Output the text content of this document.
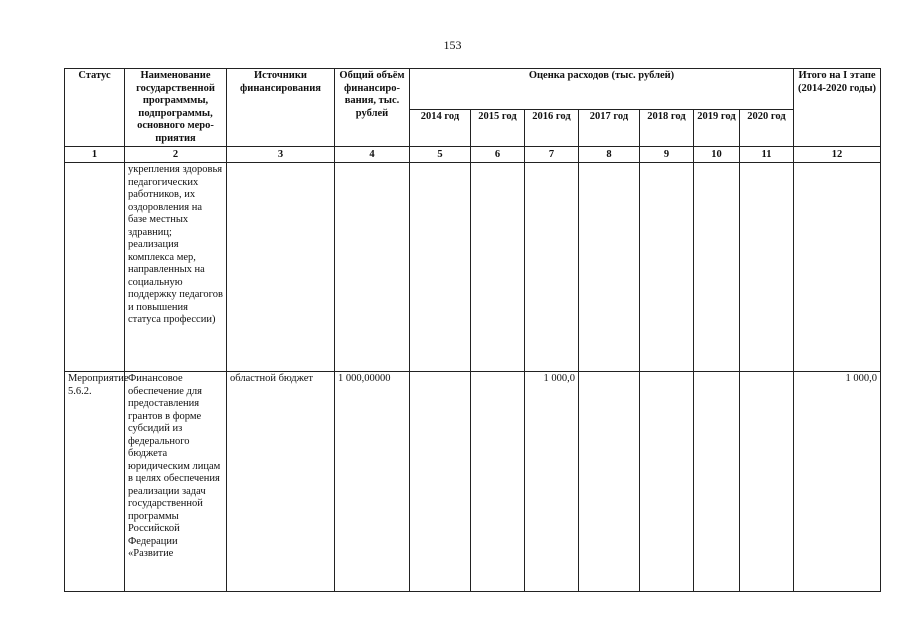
153
Статус	Наименование государственной программмы, подпрограммы, основного меро-приятия	Источники финансирования	Общий объём финансиро-вания, тыс. рублей	Оценка расходов (тыс. рублей)							Итого на I этапе (2014-2020 годы)
				2014 год	2015 год	2016 год	2017 год	2018 год	2019 год	2020 год	
1	2	3	4	5	6	7	8	9	10	11	12
	укрепления здоровья педагогических работников, их оздоровления на базе местных здравниц; реализация комплекса мер, направленных на социальную поддержку педагогов и повышения статуса профессии)										
Мероприятие 5.6.2.	Финансовое обеспечение для предоставления грантов в форме субсидий из федерального бюджета юридическим лицам в целях обеспечения реализации задач государственной программы Российской Федерации «Развитие	областной бюджет	1 000,00000			1 000,0					1 000,0
